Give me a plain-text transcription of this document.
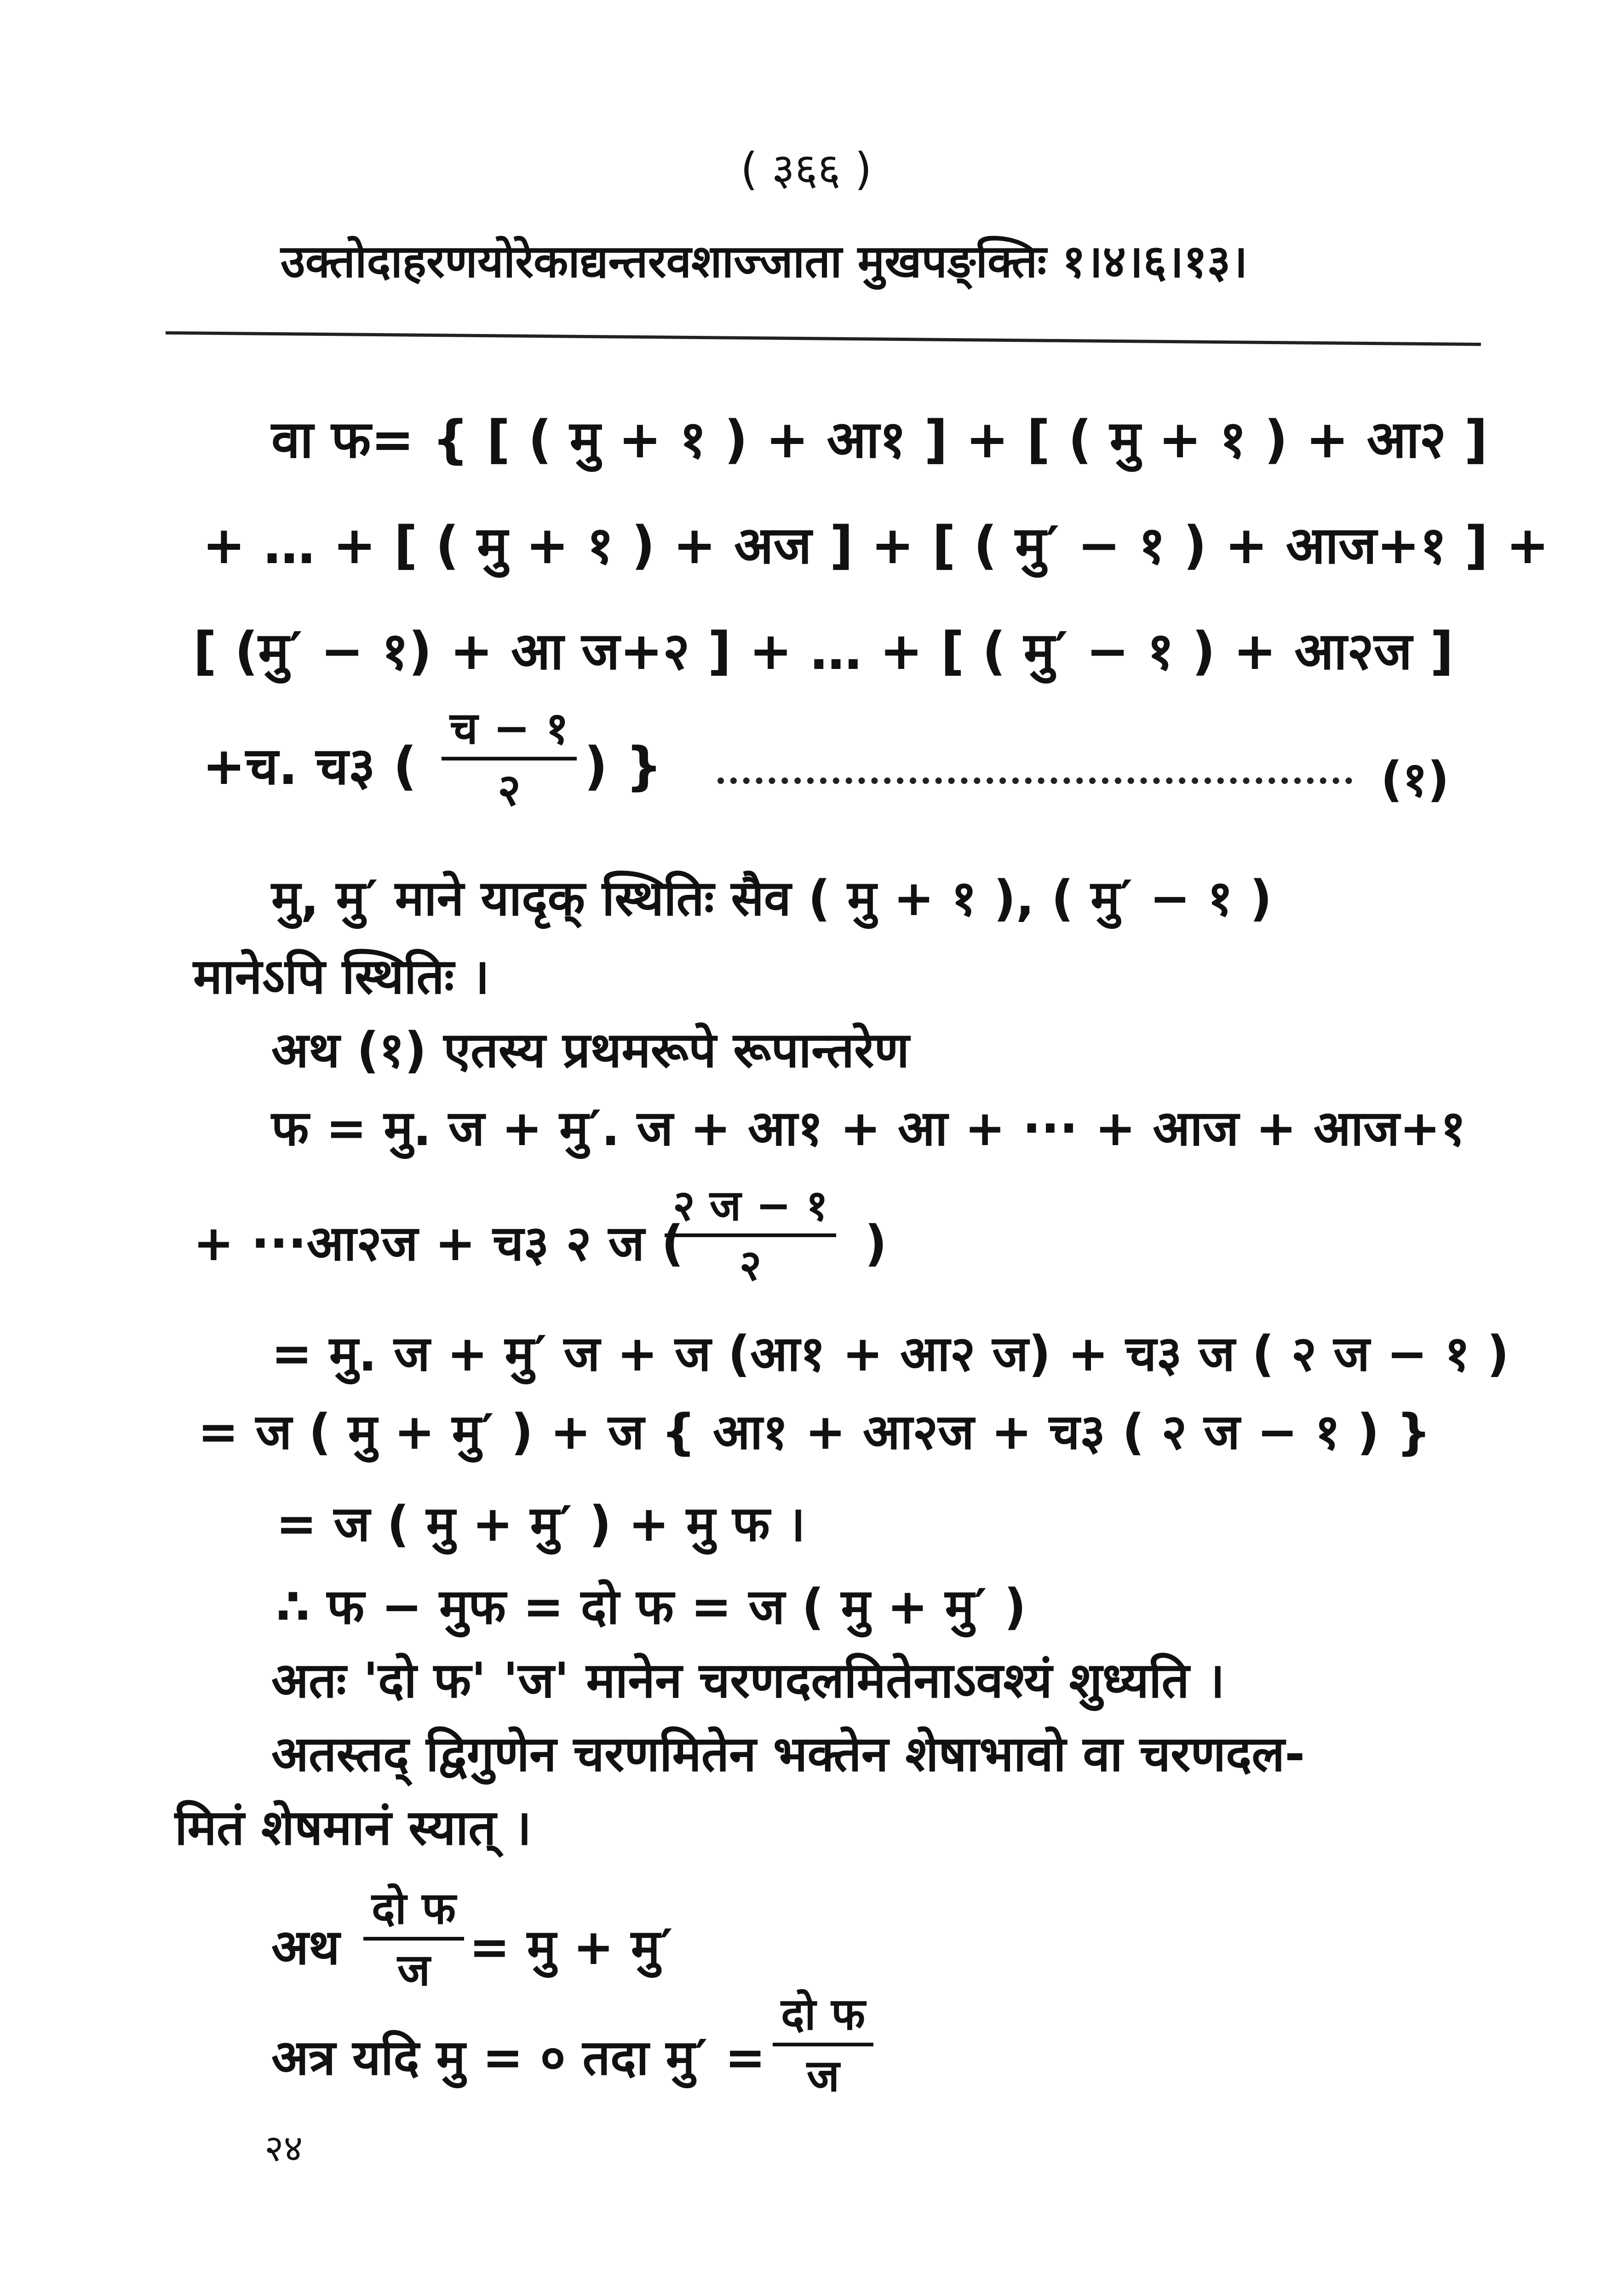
( ३६६ )
उक्तोदाहरणयोरेकाद्यन्तरवशाज्जाता मुखपङ्क्तिः १।४।६।१३।
वा फ= { [ ( मु + १ ) + आ१ ] + [ ( मु + १ ) + आ२ ]
+ … + [ ( मु + १ ) + अज ] + [ ( मु′ − १ ) + आज+१ ] +
[ (मु′ − १) + आ ज+२ ] + … + [ ( मु′ − १ ) + आ२ज ]
+च. च३ (
च − १
२ ) }	(१)
मु, मु′ माने यादृक् स्थितिः सैव ( मु + १ ), ( मु′ − १ )
मानेऽपि स्थितिः ।
अथ (१) एतस्य प्रथमरूपे रूपान्तरेण
फ = मु. ज + मु′. ज + आ१ + आ + ··· + आज + आज+१
+ ···आ२ज + च३ २ ज (
२ ज − १
२ )
= मु. ज + मु′ ज + ज (आ१ + आ२ ज) + च३ ज ( २ ज − १ )
= ज ( मु + मु′ ) + ज { आ१ + आ२ज + च३ ( २ ज − १ ) }
= ज ( मु + मु′ ) + मु फ ।
∴ फ − मुफ = दो फ = ज ( मु + मु′ )
अतः 'दो फ' 'ज' मानेन चरणदलमितेनाऽवश्यं शुध्यति ।
अतस्तद् द्विगुणेन चरणमितेन भक्तेन शेषाभावो वा चरणदल-
मितं शेषमानं स्यात् ।
अथ
दो फ
ज = मु + मु′
अत्र यदि मु = ० तदा मु′ =
दो फ
ज
२४
